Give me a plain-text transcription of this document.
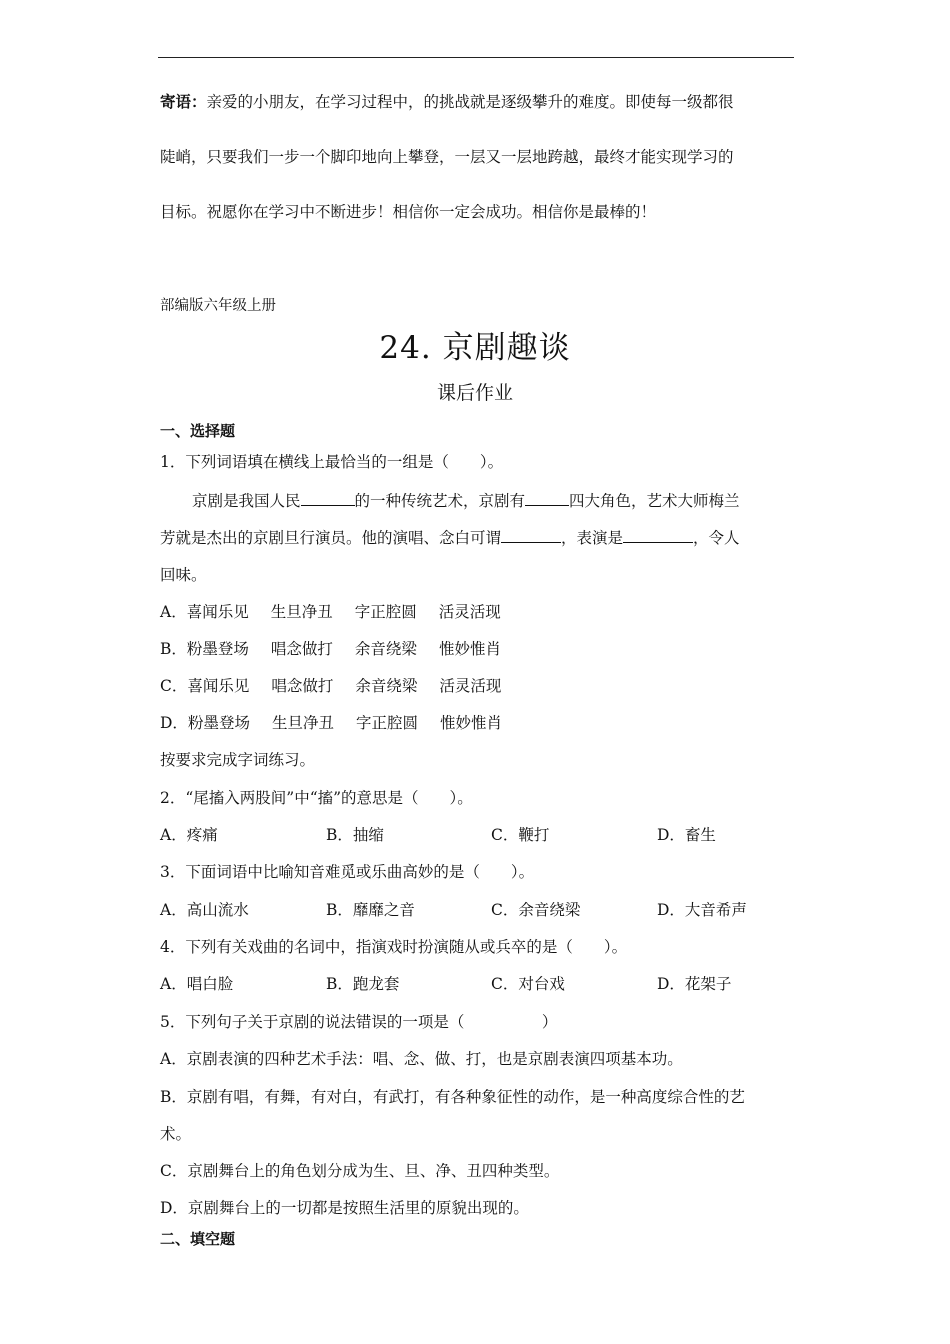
寄语：亲爱的小朋友，在学习过程中，的挑战就是逐级攀升的难度。即使每一级都很
陡峭，只要我们一步一个脚印地向上攀登，一层又一层地跨越，最终才能实现学习的
目标。祝愿你在学习中不断进步！相信你一定会成功。相信你是最棒的！
部编版六年级上册
24. 京剧趣谈
课后作业
一、选择题
1．下列词语填在横线上最恰当的一组是（　　）。
京剧是我国人民	的一种传统艺术，京剧有	四大角色，艺术大师梅兰
芳就是杰出的京剧旦行演员。他的演唱、念白可谓	，表演是	，令人
回味。
A．喜闻乐见 生旦净丑 字正腔圆 活灵活现
B．粉墨登场 唱念做打 余音绕梁 惟妙惟肖
C．喜闻乐见 唱念做打 余音绕梁 活灵活现
D．粉墨登场 生旦净丑 字正腔圆 惟妙惟肖
按要求完成字词练习。
2．“尾搐入两股间”中“搐”的意思是（　　）。
A．疼痛	B．抽缩	C．鞭打	D．畜生
3．下面词语中比喻知音难觅或乐曲高妙的是（　　）。
A．高山流水	B．靡靡之音	C．余音绕梁	D．大音希声
4．下列有关戏曲的名词中，指演戏时扮演随从或兵卒的是（　　）。
A．唱白脸	B．跑龙套	C．对台戏	D．花架子
5．下列句子关于京剧的说法错误的一项是（　　　　　）
A．京剧表演的四种艺术手法：唱、念、做、打，也是京剧表演四项基本功。
B．京剧有唱，有舞，有对白，有武打，有各种象征性的动作，是一种高度综合性的艺
术。
C．京剧舞台上的角色划分成为生、旦、净、丑四种类型。
D．京剧舞台上的一切都是按照生活里的原貌出现的。
二、填空题
